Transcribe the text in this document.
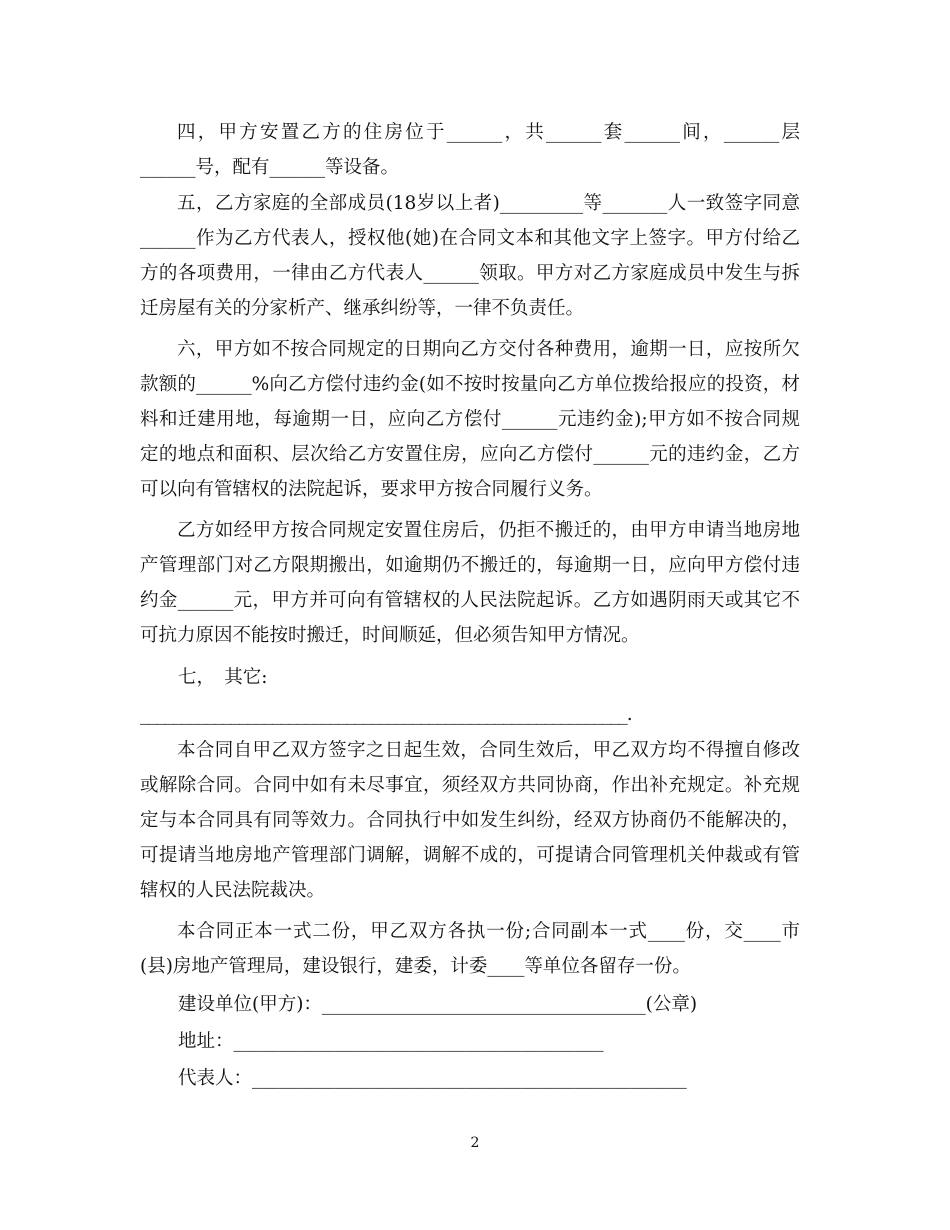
四，甲方安置乙方的住房位于______，共______套______间，______层______号，配有______等设备。

五，乙方家庭的全部成员(18岁以上者)_________等_______人一致签字同意______作为乙方代表人，授权他(她)在合同文本和其他文字上签字。甲方付给乙方的各项费用，一律由乙方代表人______领取。甲方对乙方家庭成员中发生与拆迁房屋有关的分家析产、继承纠纷等，一律不负责任。

六，甲方如不按合同规定的日期向乙方交付各种费用，逾期一日，应按所欠款额的______%向乙方偿付违约金(如不按时按量向乙方单位拨给报应的投资，材料和迁建用地，每逾期一日，应向乙方偿付______元违约金);甲方如不按合同规定的地点和面积、层次给乙方安置住房，应向乙方偿付______元的违约金，乙方可以向有管辖权的法院起诉，要求甲方按合同履行义务。

乙方如经甲方按合同规定安置住房后，仍拒不搬迁的，由甲方申请当地房地产管理部门对乙方限期搬出，如逾期仍不搬迁的，每逾期一日，应向甲方偿付违约金______元，甲方并可向有管辖权的人民法院起诉。乙方如遇阴雨天或其它不可抗力原因不能按时搬迁，时间顺延，但必须告知甲方情况。

七，　其它:
___________________________________________________________.

本合同自甲乙双方签字之日起生效，合同生效后，甲乙双方均不得擅自修改或解除合同。合同中如有未尽事宜，须经双方共同协商，作出补充规定。补充规定与本合同具有同等效力。合同执行中如发生纠纷，经双方协商仍不能解决的，可提请当地房地产管理部门调解，调解不成的，可提请合同管理机关仲裁或有管辖权的人民法院裁决。

本合同正本一式二份，甲乙双方各执一份;合同副本一式____份，交____市(县)房地产管理局，建设银行，建委，计委____等单位各留存一份。

建设单位(甲方)：___________________________________(公章)
地址：________________________________________
代表人：_______________________________________________
2
